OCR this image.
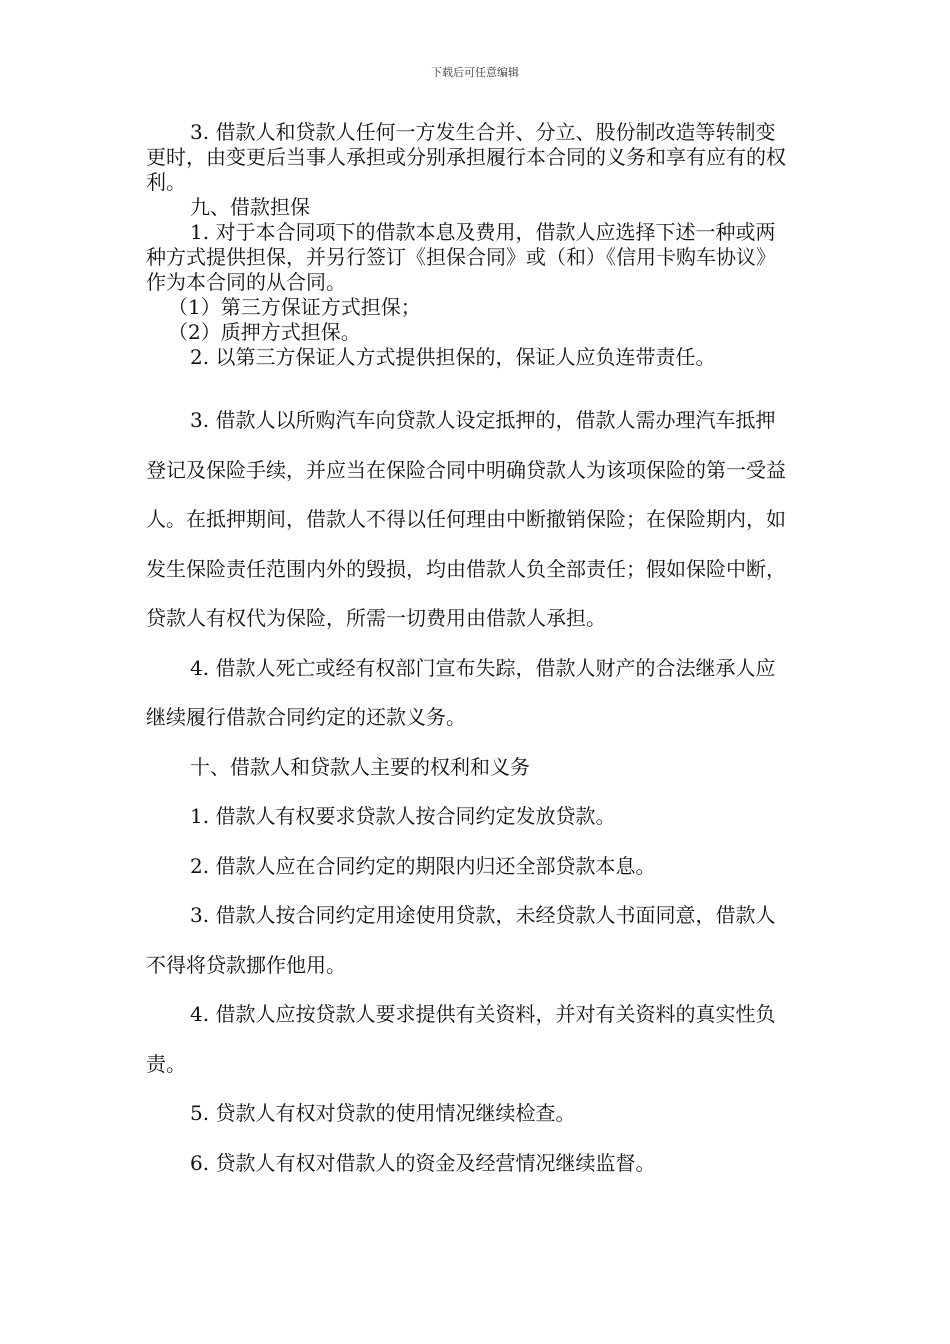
下载后可任意编辑

3. 借款人和贷款人任何一方发生合并、分立、股份制改造等转制变更时，由变更后当事人承担或分别承担履行本合同的义务和享有应有的权利。

九、借款担保

1. 对于本合同项下的借款本息及费用，借款人应选择下述一种或两种方式提供担保，并另行签订《担保合同》或（和）《信用卡购车协议》作为本合同的从合同。

（1）第三方保证方式担保；

（2）质押方式担保。

2. 以第三方保证人方式提供担保的，保证人应负连带责任。

3. 借款人以所购汽车向贷款人设定抵押的，借款人需办理汽车抵押登记及保险手续，并应当在保险合同中明确贷款人为该项保险的第一受益人。在抵押期间，借款人不得以任何理由中断撤销保险；在保险期内，如发生保险责任范围内外的毁损，均由借款人负全部责任；假如保险中断，贷款人有权代为保险，所需一切费用由借款人承担。

4. 借款人死亡或经有权部门宣布失踪，借款人财产的合法继承人应继续履行借款合同约定的还款义务。

十、借款人和贷款人主要的权利和义务

1. 借款人有权要求贷款人按合同约定发放贷款。

2. 借款人应在合同约定的期限内归还全部贷款本息。

3. 借款人按合同约定用途使用贷款，未经贷款人书面同意，借款人不得将贷款挪作他用。

4. 借款人应按贷款人要求提供有关资料，并对有关资料的真实性负责。

5. 贷款人有权对贷款的使用情况继续检查。

6. 贷款人有权对借款人的资金及经营情况继续监督。
